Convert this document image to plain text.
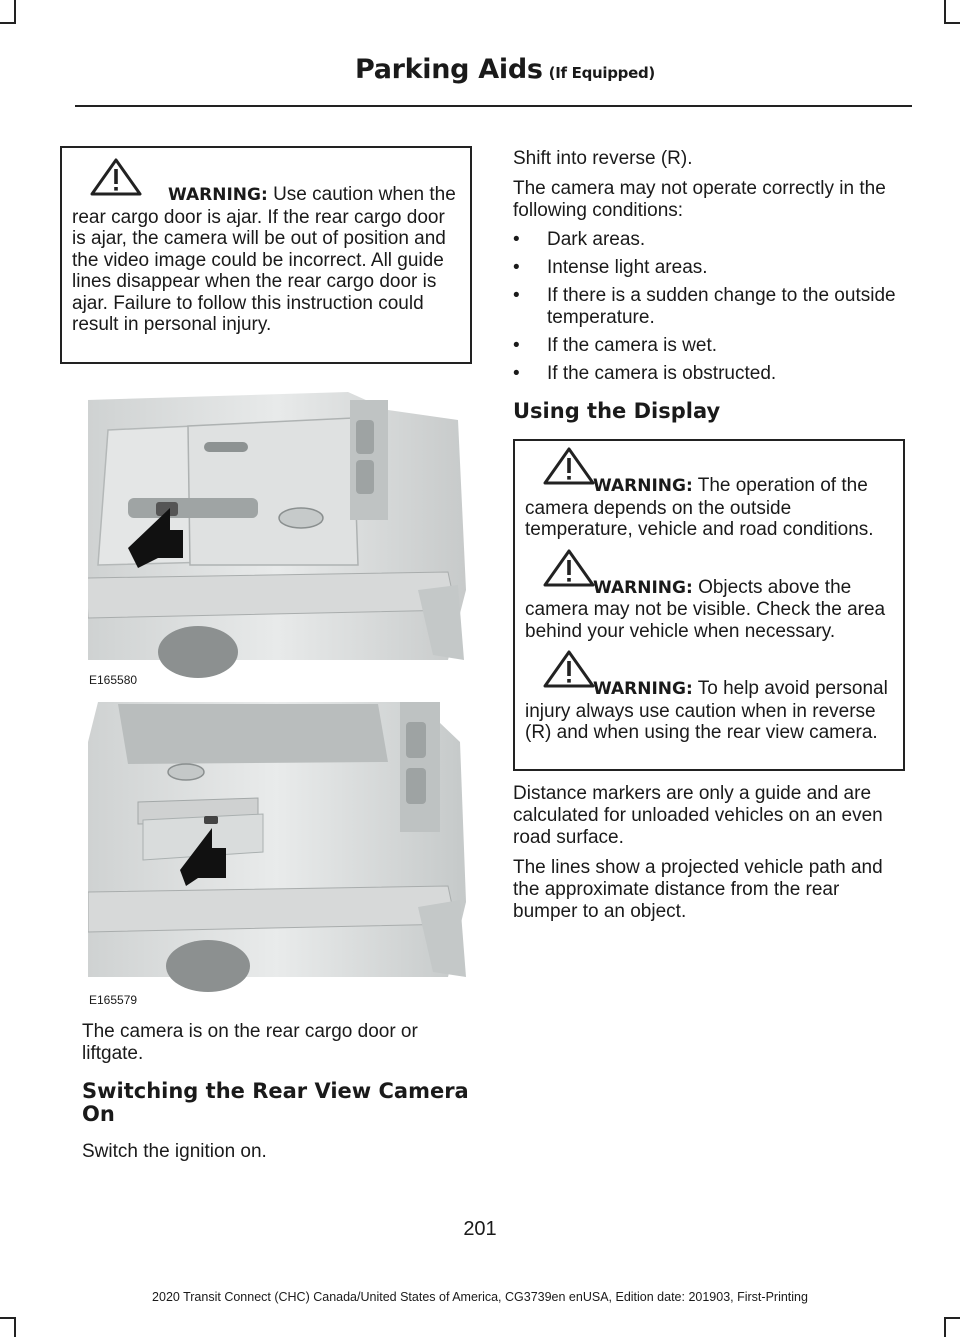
Parking Aids (If Equipped)

WARNING: Use caution when the rear cargo door is ajar. If the rear cargo door is ajar, the camera will be out of position and the video image could be incorrect. All guide lines disappear when the rear cargo door is ajar. Failure to follow this instruction could result in personal injury.

E165580
E165579

The camera is on the rear cargo door or liftgate.

Switching the Rear View Camera On

Switch the ignition on.

Shift into reverse (R).

The camera may not operate correctly in the following conditions:

• Dark areas.
• Intense light areas.
• If there is a sudden change to the outside temperature.
• If the camera is wet.
• If the camera is obstructed.
Using the Display

WARNING: The operation of the camera depends on the outside temperature, vehicle and road conditions.

WARNING: Objects above the camera may not be visible. Check the area behind your vehicle when necessary.

WARNING: To help avoid personal injury always use caution when in reverse (R) and when using the rear view camera.

Distance markers are only a guide and are calculated for unloaded vehicles on an even road surface.

The lines show a projected vehicle path and the approximate distance from the rear bumper to an object.

201
2020 Transit Connect (CHC) Canada/United States of America, CG3739en enUSA, Edition date: 201903, First-Printing
